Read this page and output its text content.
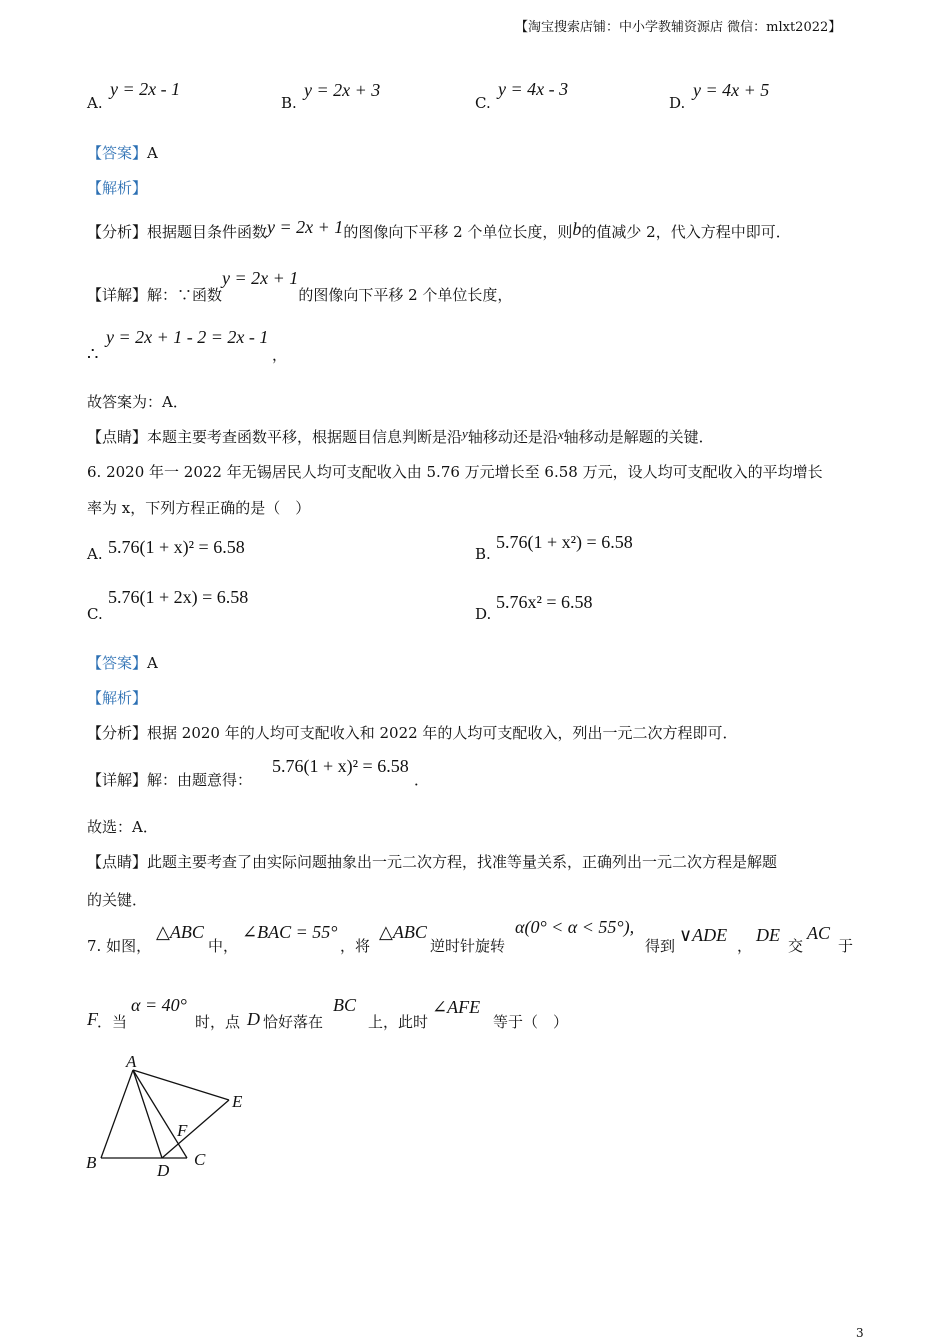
【淘宝搜索店铺：中小学教辅资源店 微信：mlxt2022】
A.
y = 2x - 1
B.
y = 2x + 3
C.
y = 4x - 3
D.
y = 4x + 5
【答案】A
【解析】
【分析】根据题目条件函数y = 2x + 1的图像向下平移 2 个单位长度，则b的值减少 2，代入方程中即可．
【详解】解：∵函数y = 2x + 1的图像向下平移 2 个单位长度，
∴
y = 2x + 1 - 2 = 2x - 1
，
故答案为：A．
【点睛】本题主要考查函数平移，根据题目信息判断是沿y轴移动还是沿x轴移动是解题的关键．
6. 2020 年一 2022 年无锡居民人均可支配收入由 5.76 万元增长至 6.58 万元，设人均可支配收入的平均增长
率为 x，下列方程正确的是（　）
A. 5.76(1 + x)² = 6.58	B.
5.76(1 + x²) = 6.58
C.
5.76(1 + 2x) = 6.58
D.
5.76x² = 6.58
【答案】A
【解析】
【分析】根据 2020 年的人均可支配收入和 2022 年的人均可支配收入，列出一元二次方程即可．
【详解】解：由题意得：
5.76(1 + x)² = 6.58
．
故选：A．
【点睛】此题主要考查了由实际问题抽象出一元二次方程，找准等量关系，正确列出一元二次方程是解题
的关键．
7. 如图，
△ABC
中，
∠BAC = 55°
，将
△ABC
逆时针旋转
α(0° < α < 55°),
得到
∨ADE
，
DE
交
AC
于
F ．当
α = 40°
时，点 D 恰好落在
BC
上，此时
∠AFE
等于（　）
A
B	C
D
E
F
3
